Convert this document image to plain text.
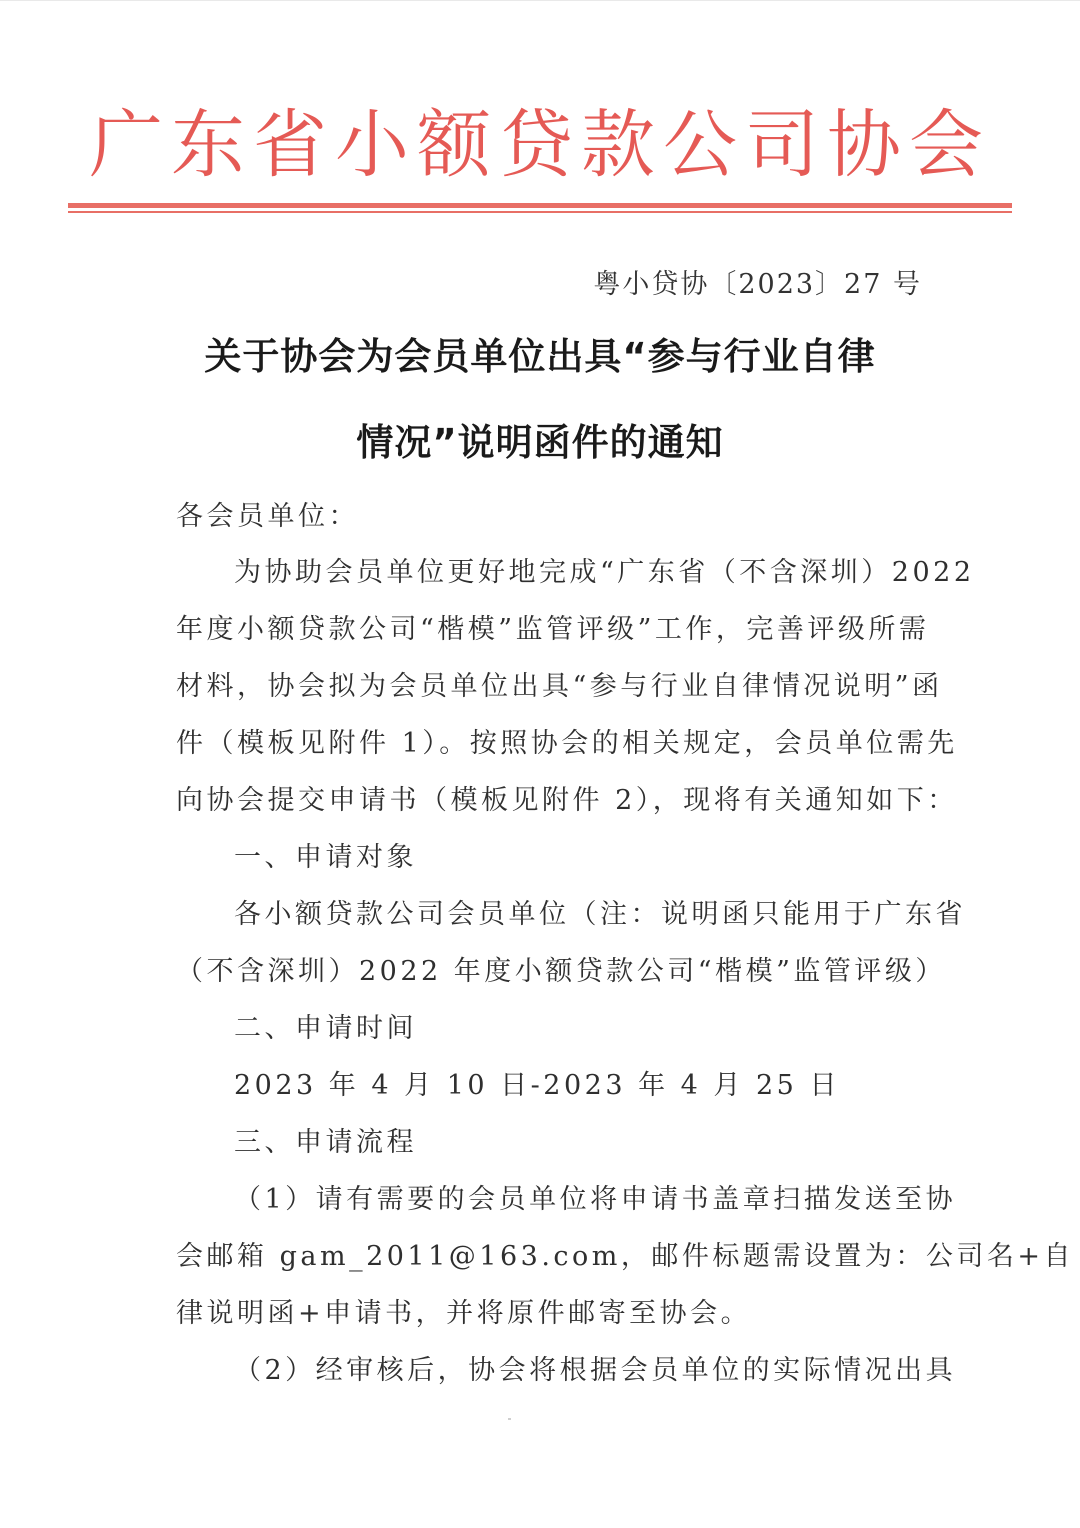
广东省小额贷款公司协会
粤小贷协〔2023〕27 号
关于协会为会员单位出具“参与行业自律
情况”说明函件的通知
各会员单位：
为协助会员单位更好地完成“广东省（不含深圳）2022
年度小额贷款公司“楷模”监管评级”工作，完善评级所需
材料，协会拟为会员单位出具“参与行业自律情况说明”函
件（模板见附件 1）。按照协会的相关规定，会员单位需先
向协会提交申请书（模板见附件 2），现将有关通知如下：
一、申请对象
各小额贷款公司会员单位（注：说明函只能用于广东省
（不含深圳）2022 年度小额贷款公司“楷模”监管评级）
二、申请时间
2023 年 4 月 10 日-2023 年 4 月 25 日
三、申请流程
（1）请有需要的会员单位将申请书盖章扫描发送至协
会邮箱 gam_2011@163.com，邮件标题需设置为：公司名+自
律说明函+申请书，并将原件邮寄至协会。
（2）经审核后，协会将根据会员单位的实际情况出具
